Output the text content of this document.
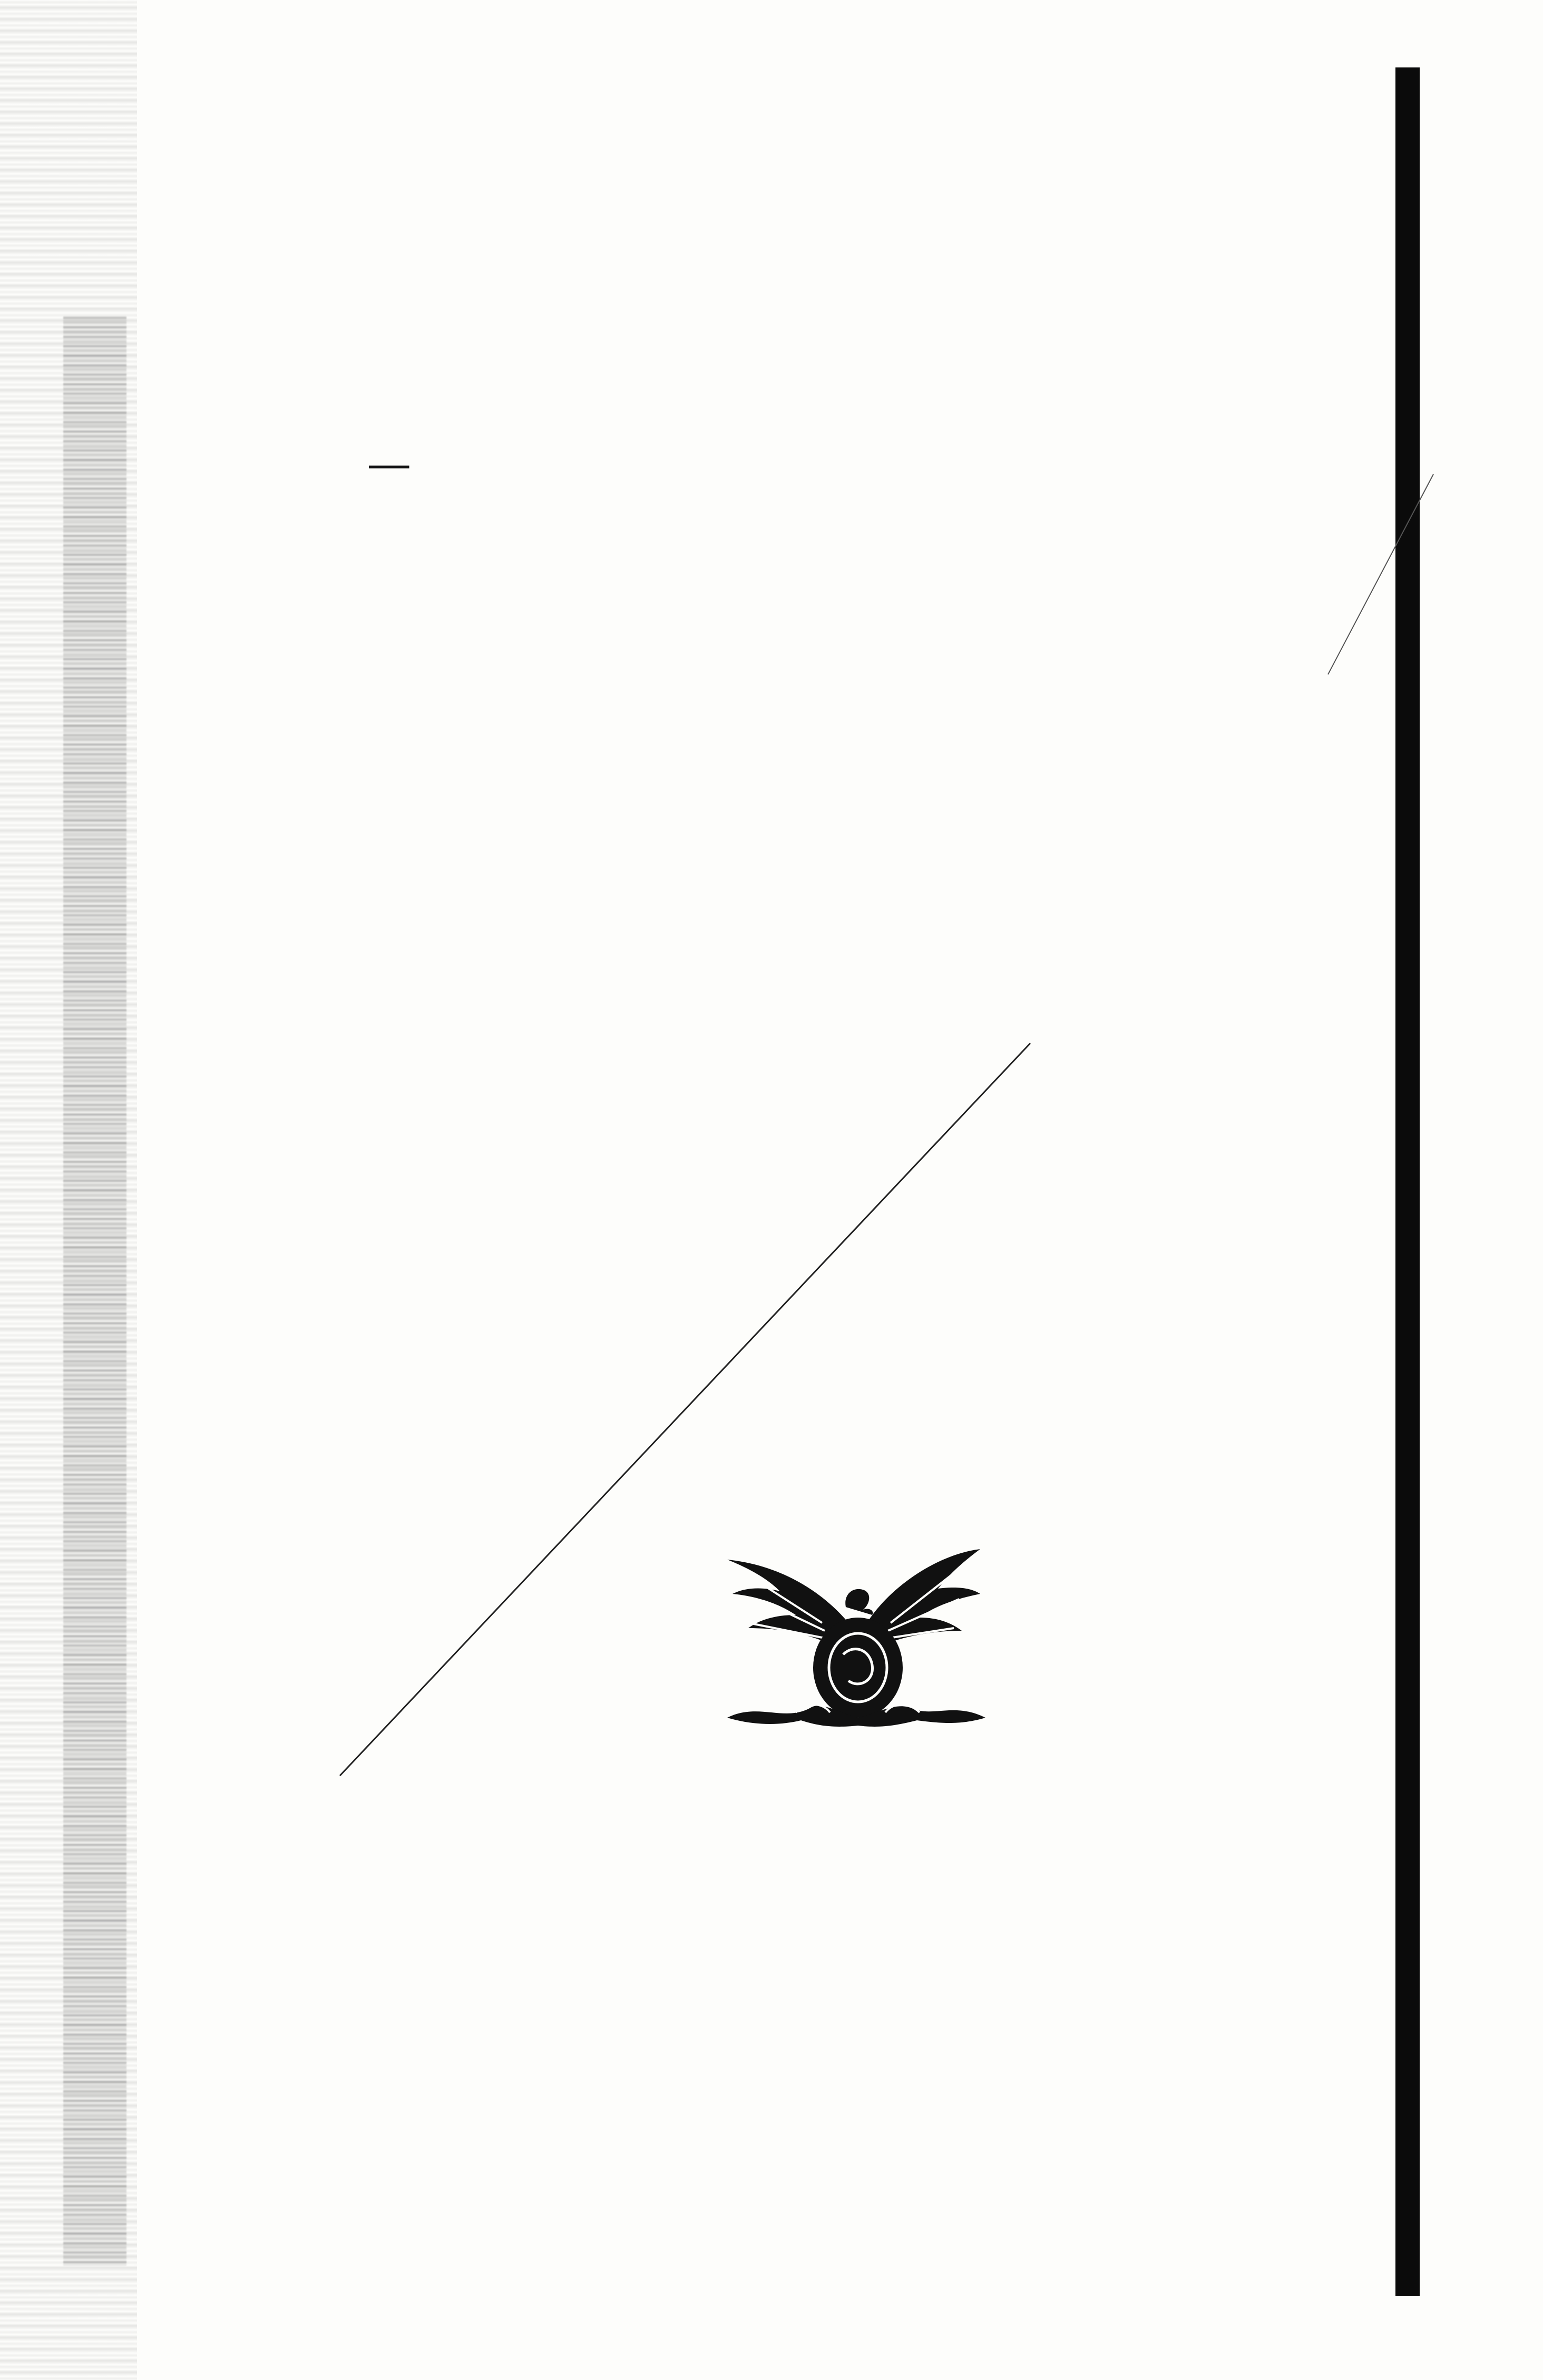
—
